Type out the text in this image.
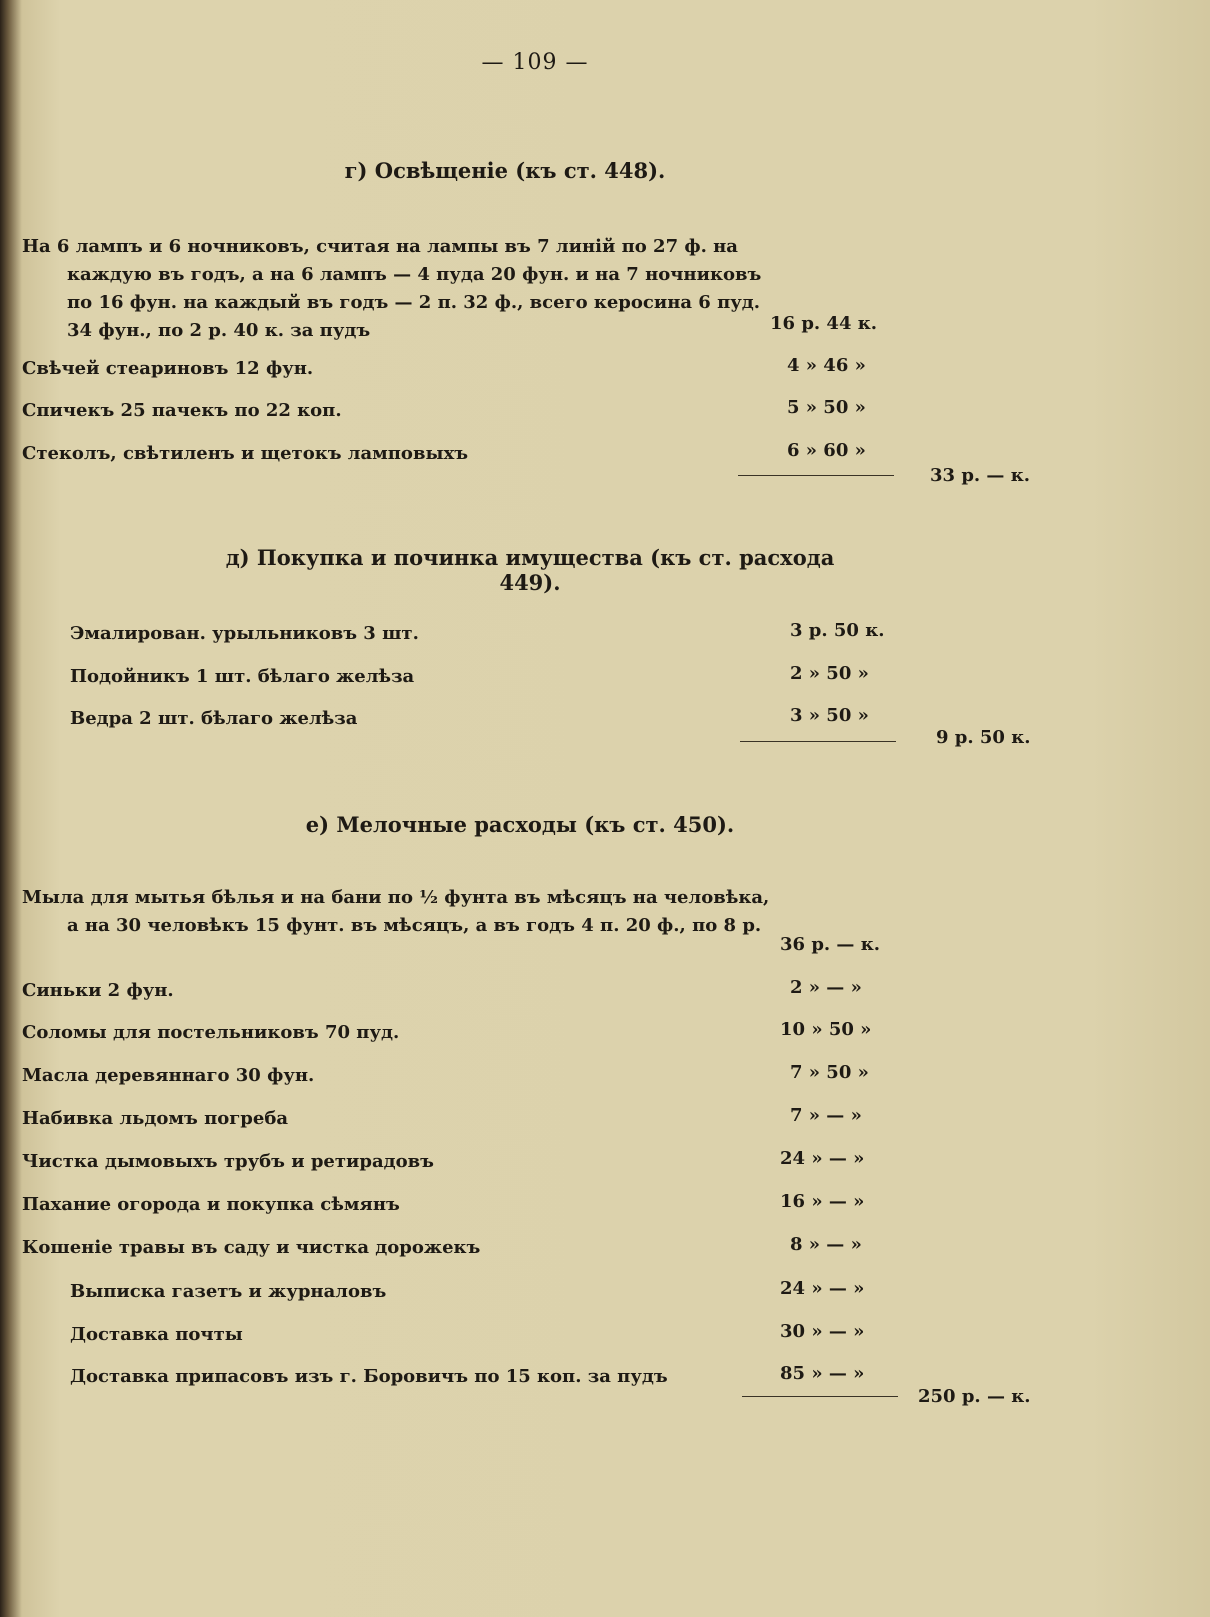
— 109 —
г) Освѣщеніе (къ ст. 448).
На 6 лампъ и 6 ночниковъ, считая на лампы въ 7 линій по 27 ф. на каждую въ годъ, а на 6 лампъ — 4 пуда 20 фун. и на 7 ночниковъ по 16 фун. на каждый въ годъ — 2 п. 32 ф., всего керосина 6 пуд. 34 фун., по 2 р. 40 к. за пудъ	16 р. 44 к.
Свѣчей стеариновъ 12 фун.	4 » 46 »
Спичекъ 25 пачекъ по 22 коп.	5 » 50 »
Стеколъ, свѣтиленъ и щетокъ ламповыхъ	6 » 60 »
33 р. — к.
д) Покупка и починка имущества (къ ст. расхода 449).
Эмалирован. урыльниковъ 3 шт.	3 р. 50 к.
Подойникъ 1 шт. бѣлаго желѣза	2 » 50 »
Ведра 2 шт. бѣлаго желѣза	3 » 50 »
9 р. 50 к.
е) Мелочные расходы (къ ст. 450).
Мыла для мытья бѣлья и на бани по ½ фунта въ мѣсяцъ на человѣка, а на 30 человѣкъ 15 фунт. въ мѣсяцъ, а въ годъ 4 п. 20 ф., по 8 р.
36 р. — к.
Синьки 2 фун.	2 » — »
Соломы для постельниковъ 70 пуд.	10 » 50 »
Масла деревяннаго 30 фун.	7 » 50 »
Набивка льдомъ погреба	7 » — »
Чистка дымовыхъ трубъ и ретирадовъ	24 » — »
Пахание огорода и покупка сѣмянъ	16 » — »
Кошеніе травы въ саду и чистка дорожекъ	8 » — »
Выписка газетъ и журналовъ	24 » — »
Доставка почты	30 » — »
Доставка припасовъ изъ г. Боровичъ по 15 коп. за пудъ	85 » — »
250 р. — к.
